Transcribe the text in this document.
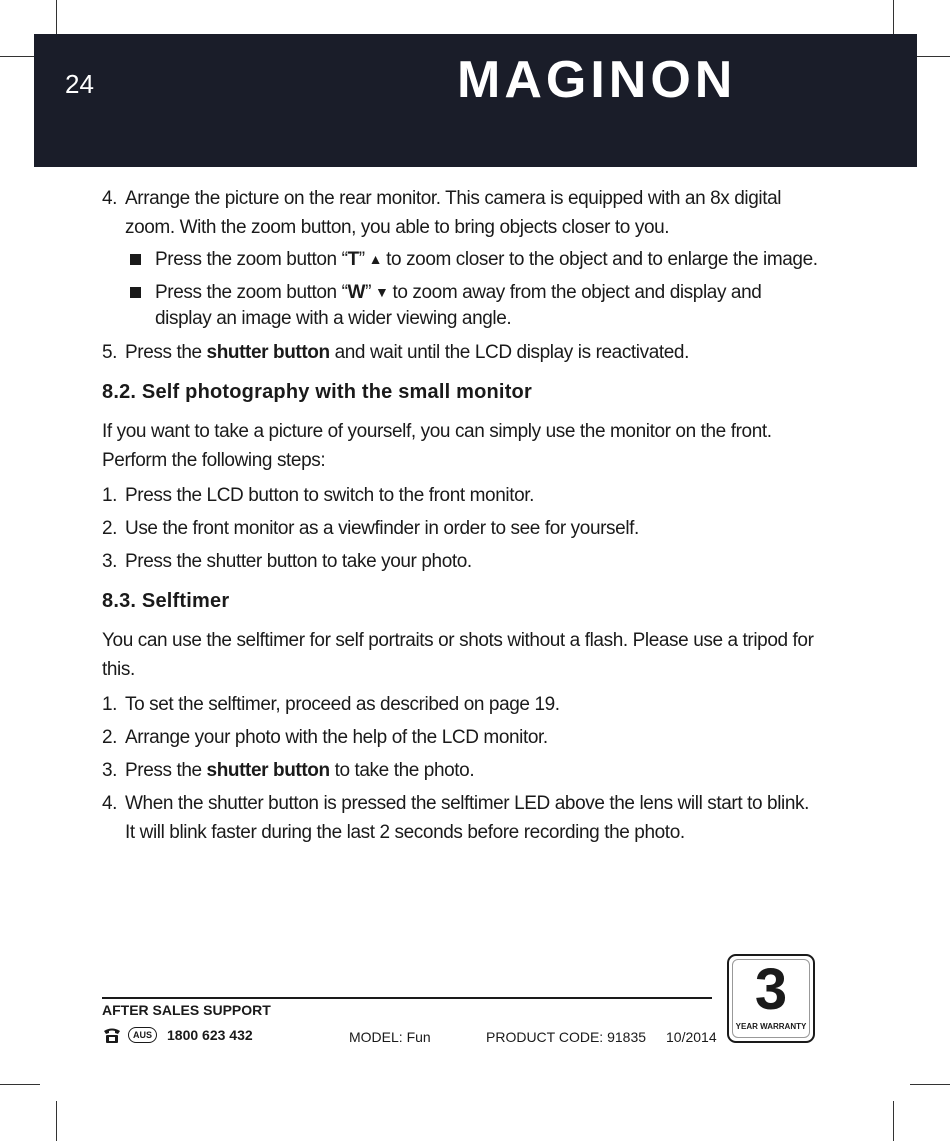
24	MAGINON
4. Arrange the picture on the rear monitor. This camera is equipped with an 8x digital zoom. With the zoom button, you able to bring objects closer to you.

Press the zoom button “T” ▲ to zoom closer to the object and to enlarge the image.
Press the zoom button “W” ▼ to zoom away from the object and display and display an image with a wider viewing angle.
5. Press the shutter button and wait until the LCD display is reactivated.

8.2. Self photography with the small monitor

If you want to take a picture of yourself, you can simply use the monitor on the front. Perform the following steps:

1. Press the LCD button to switch to the front monitor.

2. Use the front monitor as a viewfinder in order to see for yourself.

3. Press the shutter button to take your photo.

8.3. Selftimer

You can use the selftimer for self portraits or shots without a flash. Please use a tripod for this.

1. To set the selftimer, proceed as described on page 19.

2. Arrange your photo with the help of the LCD monitor.

3. Press the shutter button to take the photo.

4. When the shutter button is pressed the selftimer LED above the lens will start to blink. It will blink faster during the last 2 seconds before recording the photo.

AFTER SALES SUPPORT
AUS	1800 623 432	MODEL: Fun	PRODUCT CODE: 91835 10/2014
3
YEAR WARRANTY
